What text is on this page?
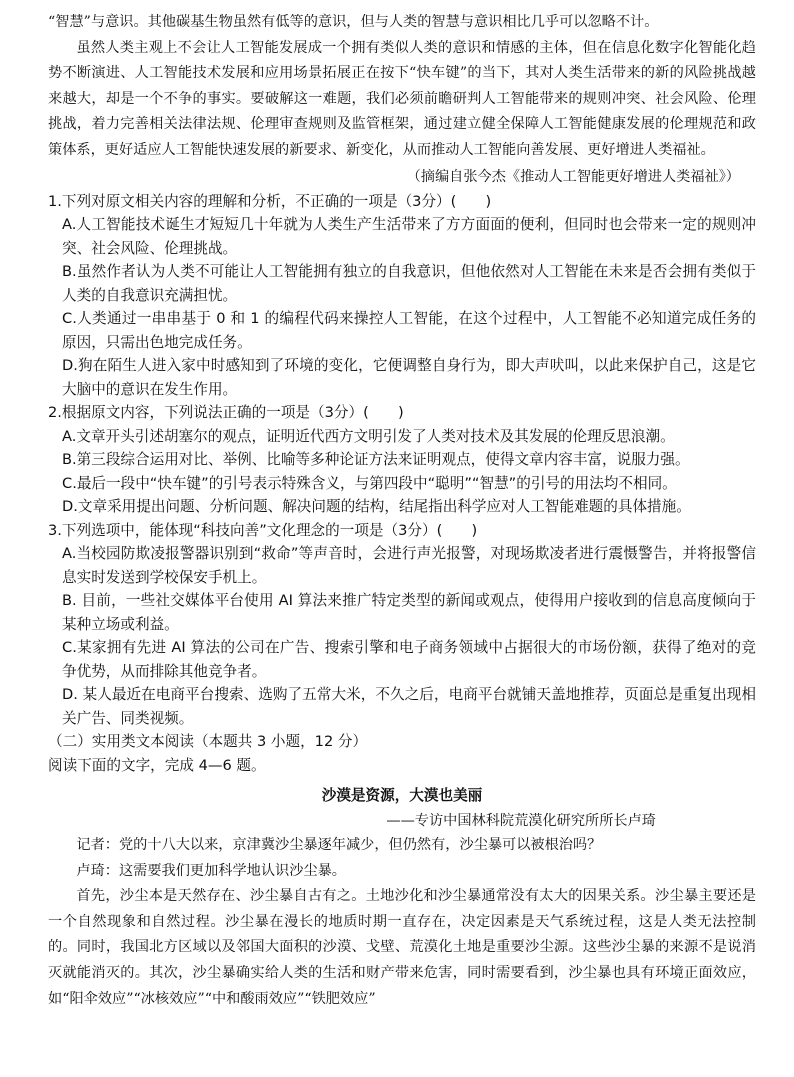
“智慧”与意识。其他碳基生物虽然有低等的意识，但与人类的智慧与意识相比几乎可以忽略不计。

虽然人类主观上不会让人工智能发展成一个拥有类似人类的意识和情感的主体，但在信息化数字化智能化趋势不断演进、人工智能技术发展和应用场景拓展正在按下“快车键”的当下，其对人类生活带来的新的风险挑战越来越大，却是一个不争的事实。要破解这一难题，我们必须前瞻研判人工智能带来的规则冲突、社会风险、伦理挑战，着力完善相关法律法规、伦理审查规则及监管框架，通过建立健全保障人工智能健康发展的伦理规范和政策体系，更好适应人工智能快速发展的新要求、新变化，从而推动人工智能向善发展、更好增进人类福祉。

（摘编自张今杰《推动人工智能更好增进人类福祉》）

1.下列对原文相关内容的理解和分析，不正确的一项是（3分）(　　)

A.人工智能技术诞生才短短几十年就为人类生产生活带来了方方面面的便利，但同时也会带来一定的规则冲突、社会风险、伦理挑战。

B.虽然作者认为人类不可能让人工智能拥有独立的自我意识，但他依然对人工智能在未来是否会拥有类似于人类的自我意识充满担忧。

C.人类通过一串串基于 0 和 1 的编程代码来操控人工智能，在这个过程中，人工智能不必知道完成任务的原因，只需出色地完成任务。

D.狗在陌生人进入家中时感知到了环境的变化，它便调整自身行为，即大声吠叫，以此来保护自己，这是它大脑中的意识在发生作用。

2.根据原文内容，下列说法正确的一项是（3分）(　　)

A.文章开头引述胡塞尔的观点，证明近代西方文明引发了人类对技术及其发展的伦理反思浪潮。

B.第三段综合运用对比、举例、比喻等多种论证方法来证明观点，使得文章内容丰富，说服力强。

C.最后一段中“快车键”的引号表示特殊含义，与第四段中“聪明”“智慧”的引号的用法均不相同。

D.文章采用提出问题、分析问题、解决问题的结构，结尾指出科学应对人工智能难题的具体措施。

3.下列选项中，能体现“科技向善”文化理念的一项是（3分）(　　)

A.当校园防欺凌报警器识别到“救命”等声音时，会进行声光报警，对现场欺凌者进行震慑警告，并将报警信息实时发送到学校保安手机上。

B. 目前，一些社交媒体平台使用 AI 算法来推广特定类型的新闻或观点，使得用户接收到的信息高度倾向于某种立场或利益。

C.某家拥有先进 AI 算法的公司在广告、搜索引擎和电子商务领域中占据很大的市场份额，获得了绝对的竞争优势，从而排除其他竞争者。

D. 某人最近在电商平台搜索、选购了五常大米，不久之后，电商平台就铺天盖地推荐，页面总是重复出现相关广告、同类视频。

（二）实用类文本阅读（本题共 3 小题，12 分）

阅读下面的文字，完成 4—6 题。

沙漠是资源，大漠也美丽

——专访中国林科院荒漠化研究所所长卢琦

记者：党的十八大以来，京津冀沙尘暴逐年减少，但仍然有，沙尘暴可以被根治吗？

卢琦：这需要我们更加科学地认识沙尘暴。

首先，沙尘本是天然存在、沙尘暴自古有之。土地沙化和沙尘暴通常没有太大的因果关系。沙尘暴主要还是一个自然现象和自然过程。沙尘暴在漫长的地质时期一直存在，决定因素是天气系统过程，这是人类无法控制的。同时，我国北方区域以及邻国大面积的沙漠、戈壁、荒漠化土地是重要沙尘源。这些沙尘暴的来源不是说消灭就能消灭的。其次，沙尘暴确实给人类的生活和财产带来危害，同时需要看到，沙尘暴也具有环境正面效应，如“阳伞效应”“冰核效应”“中和酸雨效应”“铁肥效应”
